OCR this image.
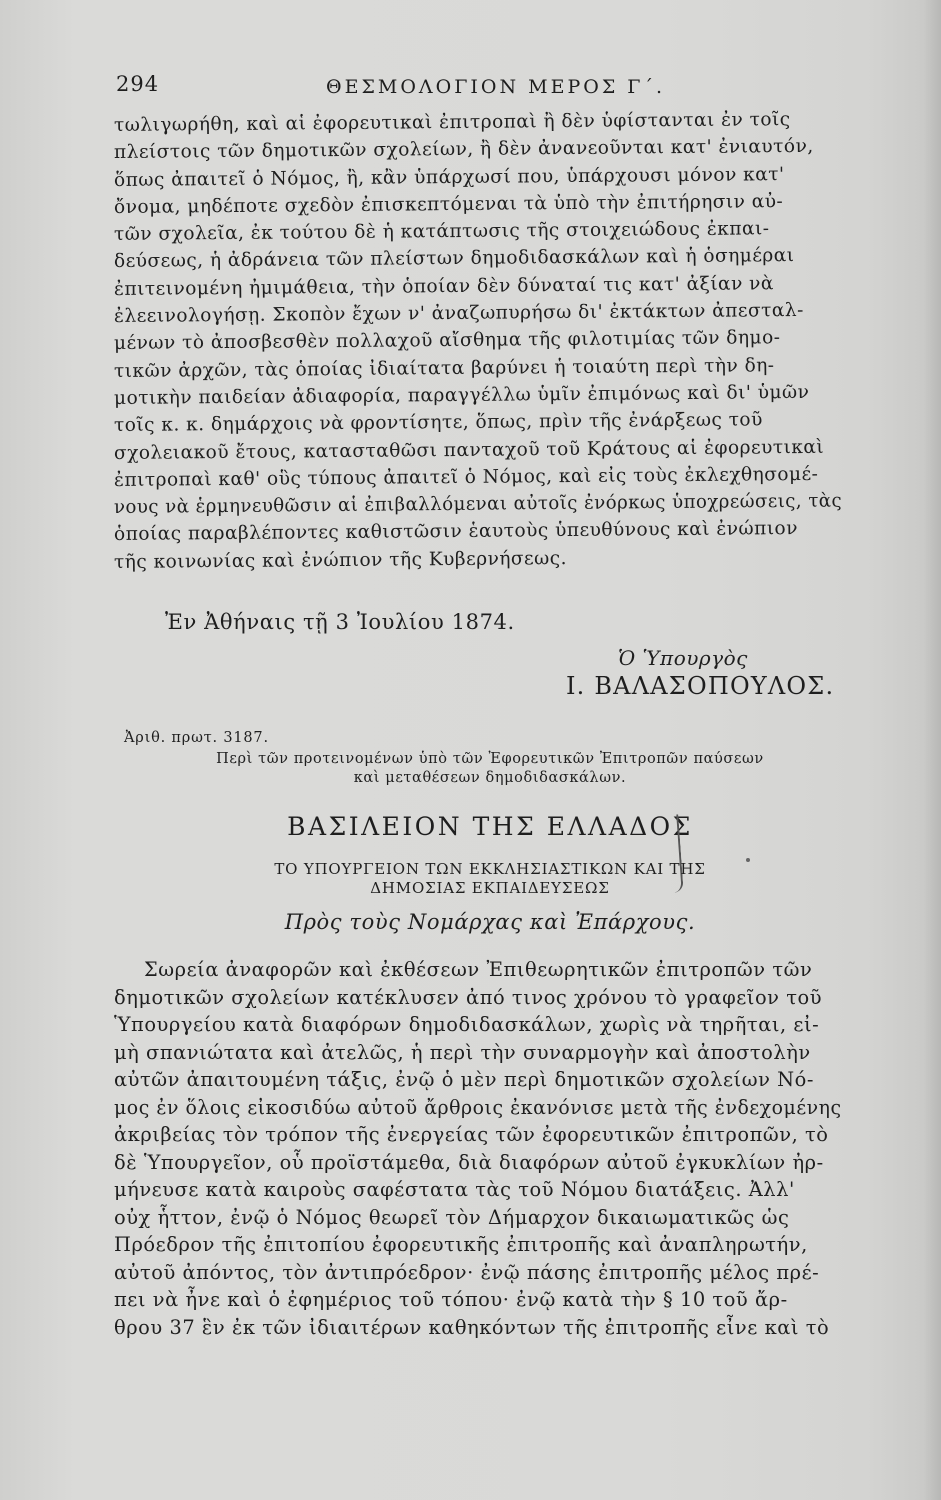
294	ΘΕΣΜΟΛΟΓΙΟΝ ΜΕΡΟΣ Γ΄.
τωλιγωρήθη, καὶ αἱ ἐφορευτικαὶ ἐπιτροπαὶ ἢ δὲν ὑφίστανται ἐν τοῖς
πλείστοις τῶν δημοτικῶν σχολείων, ἢ δὲν ἀνανεοῦνται κατ' ἐνιαυτόν,
ὅπως ἀπαιτεῖ ὁ Νόμος, ἢ, κἂν ὑπάρχωσί που, ὑπάρχουσι μόνον κατ'
ὄνομα, μηδέποτε σχεδὸν ἐπισκεπτόμεναι τὰ ὑπὸ τὴν ἐπιτήρησιν αὐ-
τῶν σχολεῖα, ἐκ τούτου δὲ ἡ κατάπτωσις τῆς στοιχειώδους ἐκπαι-
δεύσεως, ἡ ἀδράνεια τῶν πλείστων δημοδιδασκάλων καὶ ἡ ὁσημέραι
ἐπιτεινομένη ἠμιμάθεια, τὴν ὁποίαν δὲν δύναταί τις κατ' ἀξίαν νὰ
ἐλεεινολογήσῃ. Σκοπὸν ἔχων ν' ἀναζωπυρήσω δι' ἐκτάκτων ἀπεσταλ-
μένων τὸ ἀποσβεσθὲν πολλαχοῦ αἴσθημα τῆς φιλοτιμίας τῶν δημο-
τικῶν ἀρχῶν, τὰς ὁποίας ἰδιαίτατα βαρύνει ἡ τοιαύτη περὶ τὴν δη-
μοτικὴν παιδείαν ἀδιαφορία, παραγγέλλω ὑμῖν ἐπιμόνως καὶ δι' ὑμῶν
τοῖς κ. κ. δημάρχοις νὰ φροντίσητε, ὅπως, πρὶν τῆς ἐνάρξεως τοῦ
σχολειακοῦ ἔτους, κατασταθῶσι πανταχοῦ τοῦ Κράτους αἱ ἐφορευτικαὶ
ἐπιτροπαὶ καθ' οὓς τύπους ἀπαιτεῖ ὁ Νόμος, καὶ εἰς τοὺς ἐκλεχθησομέ-
νους νὰ ἑρμηνευθῶσιν αἱ ἐπιβαλλόμεναι αὐτοῖς ἐνόρκως ὑποχρεώσεις, τὰς
ὁποίας παραβλέποντες καθιστῶσιν ἑαυτοὺς ὑπευθύνους καὶ ἐνώπιον
τῆς κοινωνίας καὶ ἐνώπιον τῆς Κυβερνήσεως.
Ἐν Ἀθήναις τῇ 3 Ἰουλίου 1874.
Ὁ Ὑπουργὸς
Ι. ΒΑΛΑΣΟΠΟΥΛΟΣ.
Ἀριθ. πρωτ. 3187.
Περὶ τῶν προτεινομένων ὑπὸ τῶν Ἐφορευτικῶν Ἐπιτροπῶν παύσεων
καὶ μεταθέσεων δημοδιδασκάλων.
ΒΑΣΙΛΕΙΟΝ ΤΗΣ ΕΛΛΑΔΟΣ
ΤΟ ΥΠΟΥΡΓΕΙΟΝ ΤΩΝ ΕΚΚΛΗΣΙΑΣΤΙΚΩΝ ΚΑΙ ΤΗΣ
ΔΗΜΟΣΙΑΣ ΕΚΠΑΙΔΕΥΣΕΩΣ
Πρὸς τοὺς Νομάρχας καὶ Ἐπάρχους.
Σωρεία ἀναφορῶν καὶ ἐκθέσεων Ἐπιθεωρητικῶν ἐπιτροπῶν τῶν
δημοτικῶν σχολείων κατέκλυσεν ἀπό τινος χρόνου τὸ γραφεῖον τοῦ
Ὑπουργείου κατὰ διαφόρων δημοδιδασκάλων, χωρὶς νὰ τηρῆται, εἰ-
μὴ σπανιώτατα καὶ ἀτελῶς, ἡ περὶ τὴν συναρμογὴν καὶ ἀποστολὴν
αὐτῶν ἀπαιτουμένη τάξις, ἐνῷ ὁ μὲν περὶ δημοτικῶν σχολείων Νό-
μος ἐν ὅλοις εἰκοσιδύω αὐτοῦ ἄρθροις ἐκανόνισε μετὰ τῆς ἐνδεχομένης
ἀκριβείας τὸν τρόπον τῆς ἐνεργείας τῶν ἐφορευτικῶν ἐπιτροπῶν, τὸ
δὲ Ὑπουργεῖον, οὗ προϊστάμεθα, διὰ διαφόρων αὐτοῦ ἐγκυκλίων ἠρ-
μήνευσε κατὰ καιροὺς σαφέστατα τὰς τοῦ Νόμου διατάξεις. Ἀλλ'
οὐχ ἧττον, ἐνῷ ὁ Νόμος θεωρεῖ τὸν Δήμαρχον δικαιωματικῶς ὡς
Πρόεδρον τῆς ἐπιτοπίου ἐφορευτικῆς ἐπιτροπῆς καὶ ἀναπληρωτήν,
αὐτοῦ ἀπόντος, τὸν ἀντιπρόεδρον· ἐνῷ πάσης ἐπιτροπῆς μέλος πρέ-
πει νὰ ἦνε καὶ ὁ ἐφημέριος τοῦ τόπου· ἐνῷ κατὰ τὴν § 10 τοῦ ἄρ-
θρου 37 ἓν ἐκ τῶν ἰδιαιτέρων καθηκόντων τῆς ἐπιτροπῆς εἶνε καὶ τὸ
